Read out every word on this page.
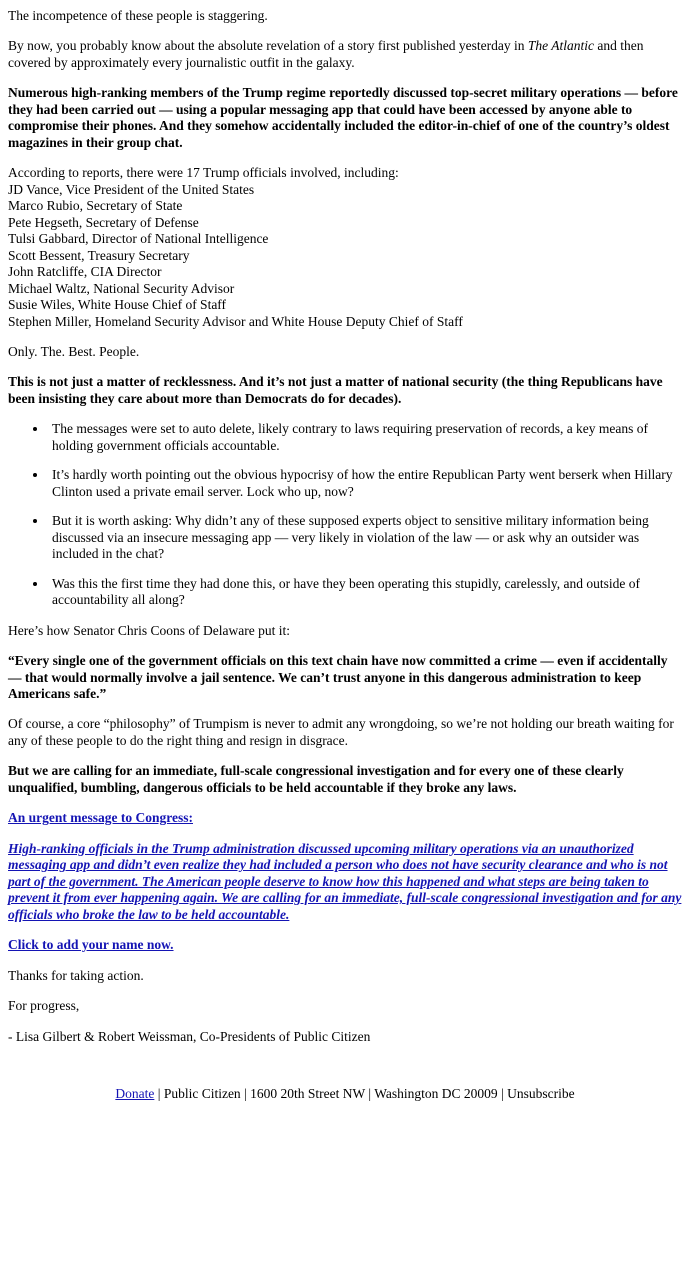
The incompetence of these people is staggering.

By now, you probably know about the absolute revelation of a story first published yesterday in The Atlantic and then covered by approximately every journalistic outfit in the galaxy.

Numerous high-ranking members of the Trump regime reportedly discussed top-secret military operations — before they had been carried out — using a popular messaging app that could have been accessed by anyone able to compromise their phones. And they somehow accidentally included the editor-in-chief of one of the country’s oldest magazines in their group chat.

According to reports, there were 17 Trump officials involved, including:
JD Vance, Vice President of the United States
Marco Rubio, Secretary of State
Pete Hegseth, Secretary of Defense
Tulsi Gabbard, Director of National Intelligence
Scott Bessent, Treasury Secretary
John Ratcliffe, CIA Director
Michael Waltz, National Security Advisor
Susie Wiles, White House Chief of Staff
Stephen Miller, Homeland Security Advisor and White House Deputy Chief of Staff

Only. The. Best. People.

This is not just a matter of recklessness. And it’s not just a matter of national security (the thing Republicans have been insisting they care about more than Democrats do for decades).

• The messages were set to auto delete, likely contrary to laws requiring preservation of records, a key means of holding government officials accountable.
• It’s hardly worth pointing out the obvious hypocrisy of how the entire Republican Party went berserk when Hillary Clinton used a private email server. Lock who up, now?
• But it is worth asking: Why didn’t any of these supposed experts object to sensitive military information being discussed via an insecure messaging app — very likely in violation of the law — or ask why an outsider was included in the chat?
• Was this the first time they had done this, or have they been operating this stupidly, carelessly, and outside of accountability all along?

Here’s how Senator Chris Coons of Delaware put it:

“Every single one of the government officials on this text chain have now committed a crime — even if accidentally — that would normally involve a jail sentence. We can’t trust anyone in this dangerous administration to keep Americans safe.”

Of course, a core “philosophy” of Trumpism is never to admit any wrongdoing, so we’re not holding our breath waiting for any of these people to do the right thing and resign in disgrace.

But we are calling for an immediate, full-scale congressional investigation and for every one of these clearly unqualified, bumbling, dangerous officials to be held accountable if they broke any laws.

An urgent message to Congress:

High-ranking officials in the Trump administration discussed upcoming military operations via an unauthorized messaging app and didn’t even realize they had included a person who does not have security clearance and who is not part of the government. The American people deserve to know how this happened and what steps are being taken to prevent it from ever happening again. We are calling for an immediate, full-scale congressional investigation and for any officials who broke the law to be held accountable.

Click to add your name now.

Thanks for taking action.

For progress,

- Lisa Gilbert & Robert Weissman, Co-Presidents of Public Citizen

Donate | Public Citizen | 1600 20th Street NW | Washington DC 20009 | Unsubscribe
